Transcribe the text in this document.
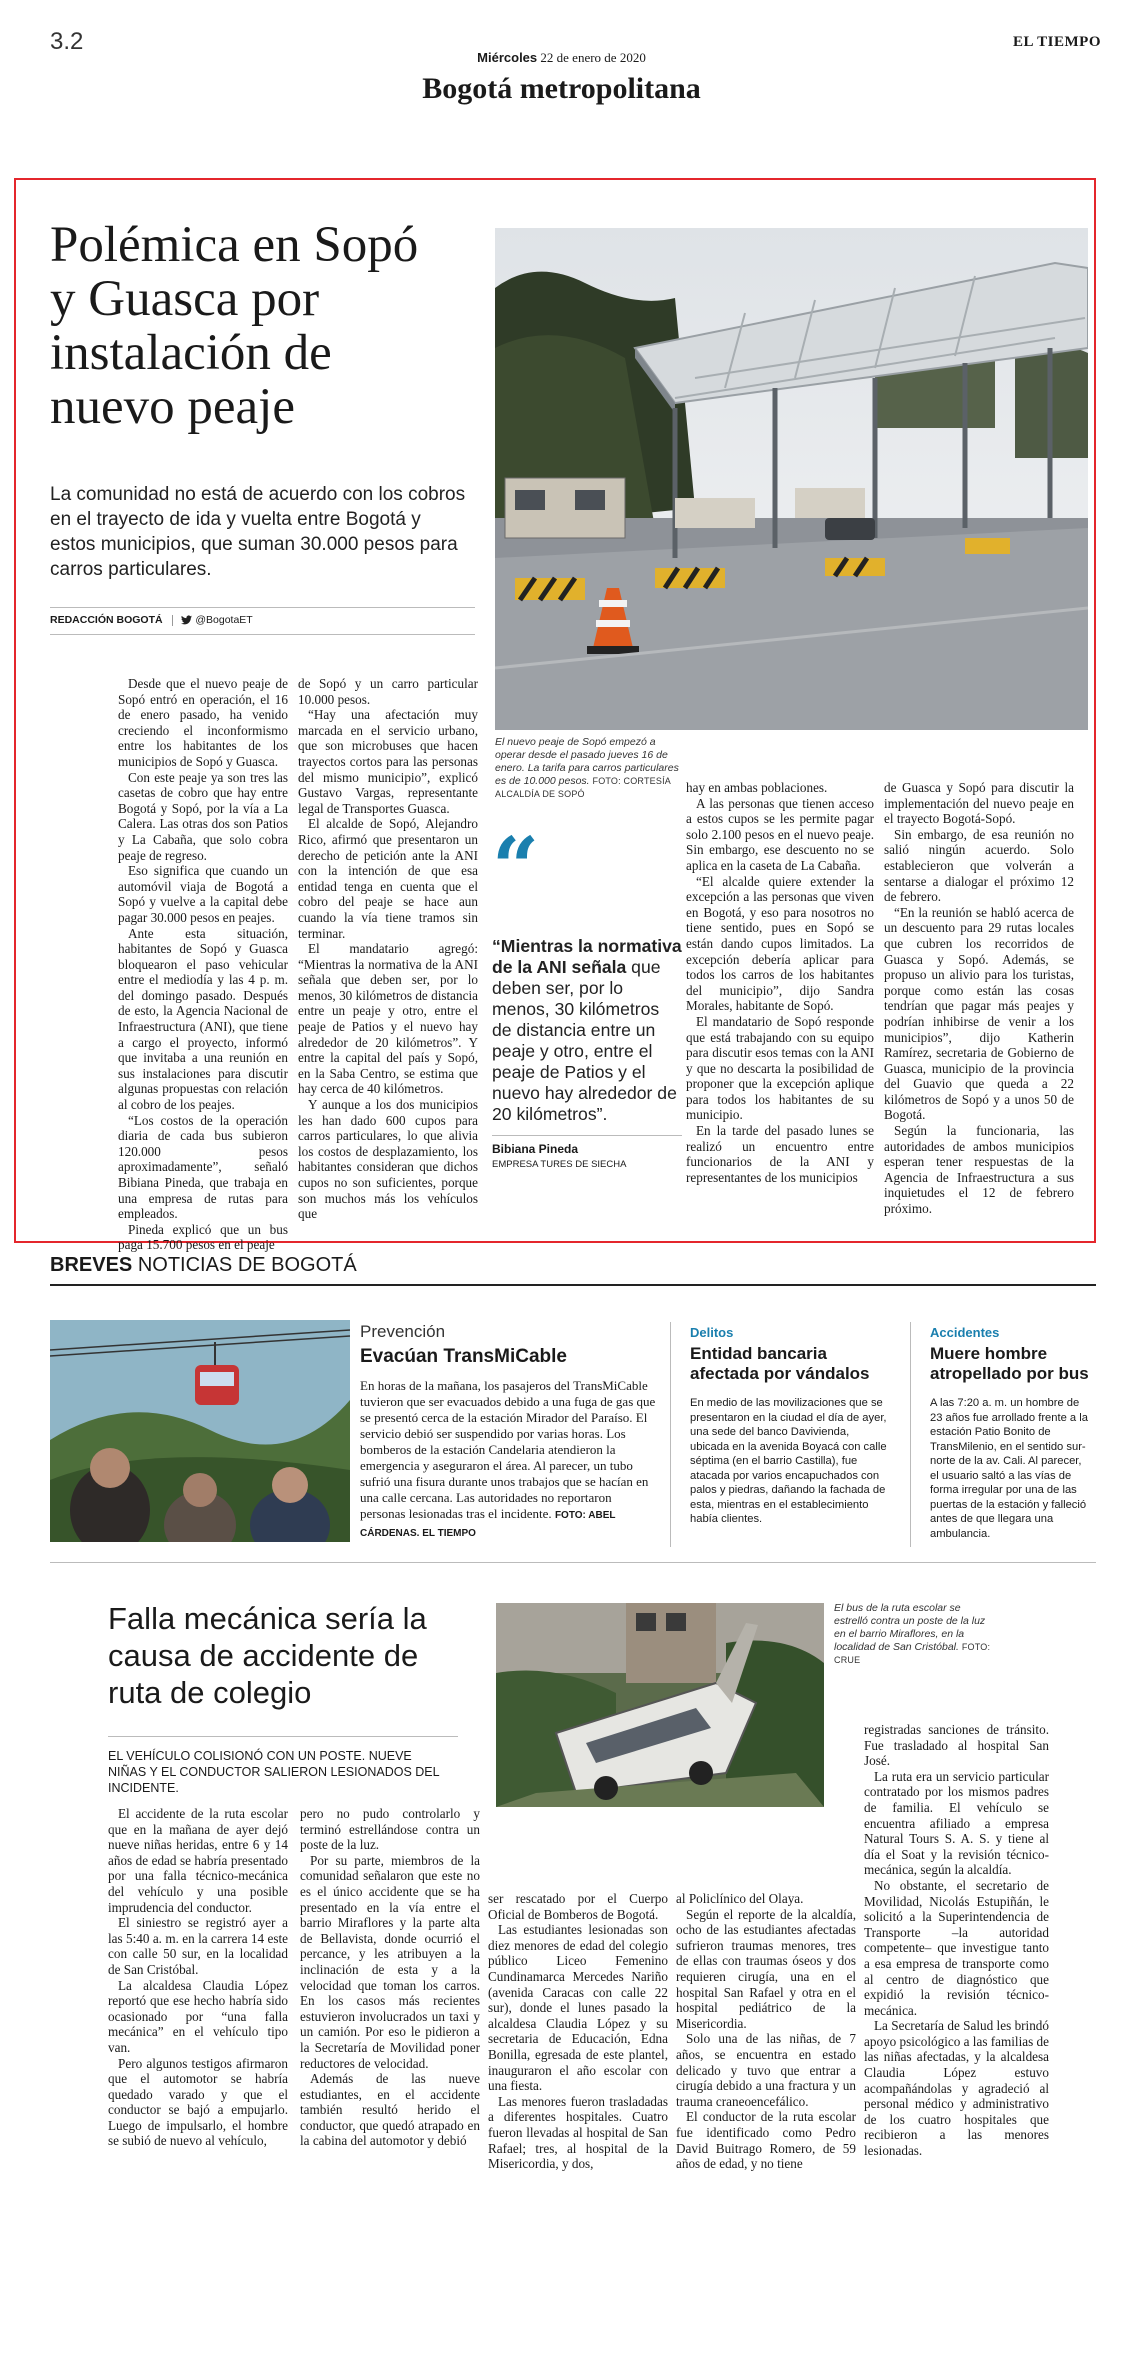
3.2
Miércoles 22 de enero de 2020
EL TIEMPO
Bogotá metropolitana
Polémica en Sopó y Guasca por instalación de nuevo peaje
La comunidad no está de acuerdo con los cobros en el trayecto de ida y vuelta entre Bogotá y estos municipios, que suman 30.000 pesos para carros particulares.
REDACCIÓN BOGOTÁ	@BogotaET
El nuevo peaje de Sopó empezó a operar desde el pasado jueves 16 de enero. La tarifa para carros particulares es de 10.000 pesos. FOTO: CORTESÍA ALCALDÍA DE SOPÓ
“
“Mientras la normativa de la ANI señala que deben ser, por lo menos, 30 kilómetros de distancia entre un peaje y otro, entre el peaje de Patios y el nuevo hay alrededor de 20 kilómetros”.
Bibiana Pineda
EMPRESA TURES DE SIECHA

Desde que el nuevo peaje de Sopó entró en operación, el 16 de enero pasado, ha venido creciendo el inconformismo entre los habitantes de los municipios de Sopó y Guasca.

Con este peaje ya son tres las casetas de cobro que hay entre Bogotá y Sopó, por la vía a La Calera. Las otras dos son Patios y La Cabaña, que solo cobra peaje de regreso.

Eso significa que cuando un automóvil viaja de Bogotá a Sopó y vuelve a la capital debe pagar 30.000 pesos en peajes.

Ante esta situación, habitantes de Sopó y Guasca bloquearon el paso vehicular entre el mediodía y las 4 p. m. del domingo pasado. Después de esto, la Agencia Nacional de Infraestructura (ANI), que tiene a cargo el proyecto, informó que invitaba a una reunión en sus instalaciones para discutir algunas propuestas con relación al cobro de los peajes.

“Los costos de la operación diaria de cada bus subieron 120.000 pesos aproximadamente”, señaló Bibiana Pineda, que trabaja en una empresa de rutas para empleados.

Pineda explicó que un bus paga 15.700 pesos en el peaje

de Sopó y un carro particular 10.000 pesos.

“Hay una afectación muy marcada en el servicio urbano, que son microbuses que hacen trayectos cortos para las personas del mismo municipio”, explicó Gustavo Vargas, representante legal de Transportes Guasca.

El alcalde de Sopó, Alejandro Rico, afirmó que presentaron un derecho de petición ante la ANI con la intención de que esa entidad tenga en cuenta que el cobro del peaje se hace aun cuando la vía tiene tramos sin terminar.

El mandatario agregó: “Mientras la normativa de la ANI señala que deben ser, por lo menos, 30 kilómetros de distancia entre un peaje y otro, entre el peaje de Patios y el nuevo hay alrededor de 20 kilómetros”. Y entre la capital del país y Sopó, en la Saba Centro, se estima que hay cerca de 40 kilómetros.

Y aunque a los dos municipios les han dado 600 cupos para carros particulares, lo que alivia los costos de desplazamiento, los habitantes consideran que dichos cupos no son suficientes, porque son muchos más los vehículos que

hay en ambas poblaciones.

A las personas que tienen acceso a estos cupos se les permite pagar solo 2.100 pesos en el nuevo peaje. Sin embargo, ese descuento no se aplica en la caseta de La Cabaña.

“El alcalde quiere extender la excepción a las personas que viven en Bogotá, y eso para nosotros no tiene sentido, pues en Sopó se están dando cupos limitados. La excepción debería aplicar para todos los carros de los habitantes del municipio”, dijo Sandra Morales, habitante de Sopó.

El mandatario de Sopó responde que está trabajando con su equipo para discutir esos temas con la ANI y que no descarta la posibilidad de proponer que la excepción aplique para todos los habitantes de su municipio.

En la tarde del pasado lunes se realizó un encuentro entre funcionarios de la ANI y representantes de los municipios

de Guasca y Sopó para discutir la implementación del nuevo peaje en el trayecto Bogotá-Sopó.

Sin embargo, de esa reunión no salió ningún acuerdo. Solo establecieron que volverán a sentarse a dialogar el próximo 12 de febrero.

“En la reunión se habló acerca de un descuento para 29 rutas locales que cubren los recorridos de Guasca y Sopó. Además, se propuso un alivio para los turistas, porque como están las cosas tendrían que pagar más peajes y podrían inhibirse de venir a los municipios”, dijo Katherin Ramírez, secretaria de Gobierno de Guasca, municipio de la provincia del Guavio que queda a 22 kilómetros de Sopó y a unos 50 de Bogotá.

Según la funcionaria, las autoridades de ambos municipios esperan tener respuestas de la Agencia de Infraestructura a sus inquietudes el 12 de febrero próximo.

BREVES NOTICIAS DE BOGOTÁ
Prevención
Evacúan TransMiCable
En horas de la mañana, los pasajeros del TransMiCable tuvieron que ser evacuados debido a una fuga de gas que se presentó cerca de la estación Mirador del Paraíso. El servicio debió ser suspendido por varias horas. Los bomberos de la estación Candelaria atendieron la emergencia y aseguraron el área. Al parecer, un tubo sufrió una fisura durante unos trabajos que se hacían en una calle cercana. Las autoridades no reportaron personas lesionadas tras el incidente. FOTO: ABEL CÁRDENAS. EL TIEMPO
Delitos
Entidad bancaria afectada por vándalos
En medio de las movilizaciones que se presentaron en la ciudad el día de ayer, una sede del banco Davivienda, ubicada en la avenida Boyacá con calle séptima (en el barrio Castilla), fue atacada por varios encapuchados con palos y piedras, dañando la fachada de esta, mientras en el establecimiento había clientes.
Accidentes
Muere hombre atropellado por bus
A las 7:20 a. m. un hombre de 23 años fue arrollado frente a la estación Patio Bonito de TransMilenio, en el sentido sur-norte de la av. Cali. Al parecer, el usuario saltó a las vías de forma irregular por una de las puertas de la estación y falleció antes de que llegara una ambulancia.
Falla mecánica sería la causa de accidente de ruta de colegio
EL VEHÍCULO COLISIONÓ CON UN POSTE. NUEVE NIÑAS Y EL CONDUCTOR SALIERON LESIONADOS DEL INCIDENTE.
El bus de la ruta escolar se estrelló contra un poste de la luz en el barrio Miraflores, en la localidad de San Cristóbal. FOTO: CRUE

El accidente de la ruta escolar que en la mañana de ayer dejó nueve niñas heridas, entre 6 y 14 años de edad se habría presentado por una falla técnico-mecánica del vehículo y una posible imprudencia del conductor.

El siniestro se registró ayer a las 5:40 a. m. en la carrera 14 este con calle 50 sur, en la localidad de San Cristóbal.

La alcaldesa Claudia López reportó que ese hecho habría sido ocasionado por “una falla mecánica” en el vehículo tipo van.

Pero algunos testigos afirmaron que el automotor se habría quedado varado y que el conductor se bajó a empujarlo. Luego de impulsarlo, el hombre se subió de nuevo al vehículo,

pero no pudo controlarlo y terminó estrellándose contra un poste de la luz.

Por su parte, miembros de la comunidad señalaron que este no es el único accidente que se ha presentado en la vía entre el barrio Miraflores y la parte alta de Bellavista, donde ocurrió el percance, y les atribuyen a la inclinación de esta y a la velocidad que toman los carros. En los casos más recientes estuvieron involucrados un taxi y un camión. Por eso le pidieron a la Secretaría de Movilidad poner reductores de velocidad.

Además de las nueve estudiantes, en el accidente también resultó herido el conductor, que quedó atrapado en la cabina del automotor y debió

ser rescatado por el Cuerpo Oficial de Bomberos de Bogotá.

Las estudiantes lesionadas son diez menores de edad del colegio público Liceo Femenino Cundinamarca Mercedes Nariño (avenida Caracas con calle 22 sur), donde el lunes pasado la alcaldesa Claudia López y su secretaria de Educación, Edna Bonilla, egresada de este plantel, inauguraron el año escolar con una fiesta.

Las menores fueron trasladadas a diferentes hospitales. Cuatro fueron llevadas al hospital de San Rafael; tres, al hospital de la Misericordia, y dos,

al Policlínico del Olaya.

Según el reporte de la alcaldía, ocho de las estudiantes afectadas sufrieron traumas menores, tres de ellas con traumas óseos y dos requieren cirugía, una en el hospital San Rafael y otra en el hospital pediátrico de la Misericordia.

Solo una de las niñas, de 7 años, se encuentra en estado delicado y tuvo que entrar a cirugía debido a una fractura y un trauma craneoencefálico.

El conductor de la ruta escolar fue identificado como Pedro David Buitrago Romero, de 59 años de edad, y no tiene

registradas sanciones de tránsito. Fue trasladado al hospital San José.

La ruta era un servicio particular contratado por los mismos padres de familia. El vehículo se encuentra afiliado a empresa Natural Tours S. A. S. y tiene al día el Soat y la revisión técnico-mecánica, según la alcaldía.

No obstante, el secretario de Movilidad, Nicolás Estupiñán, le solicitó a la Superintendencia de Transporte –la autoridad competente– que investigue tanto a esa empresa de transporte como al centro de diagnóstico que expidió la revisión técnico-mecánica.

La Secretaría de Salud les brindó apoyo psicológico a las familias de las niñas afectadas, y la alcaldesa Claudia López estuvo acompañándolas y agradeció al personal médico y administrativo de los cuatro hospitales que recibieron a las menores lesionadas.
